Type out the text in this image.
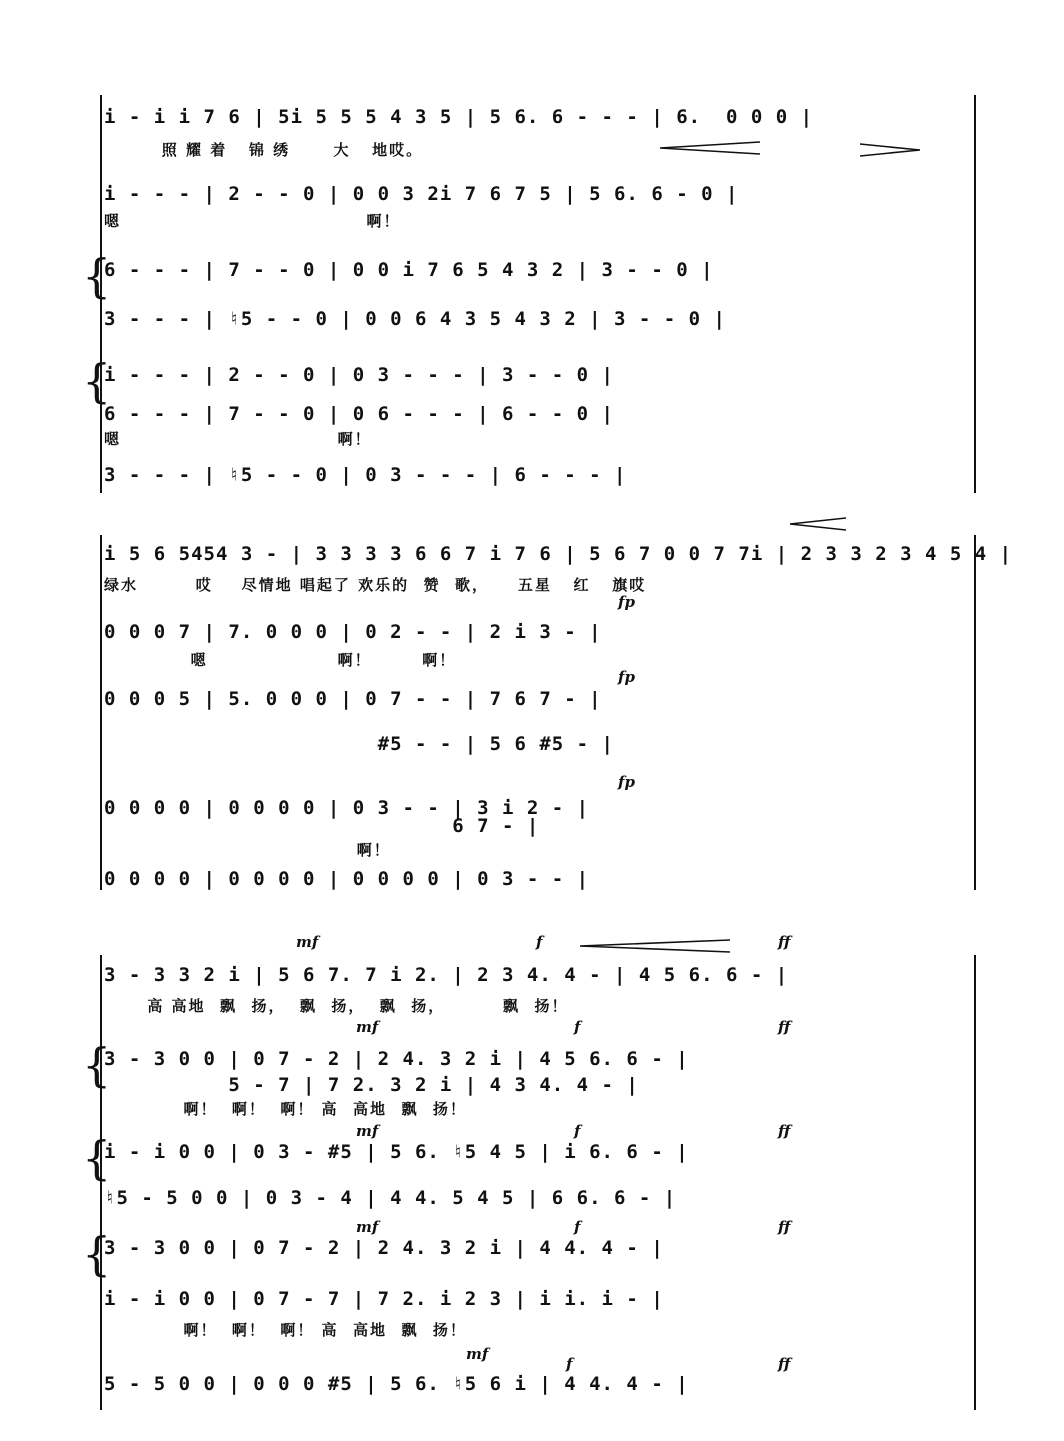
i - i i 7 6 | 5i 5 5 5 4 3 5 | 5 6. 6 - - - | 6.  0 0 0 |
照 耀 着   锦 绣      大   地哎。
i - - - | 2 - - 0 | 0 0 3 2i 7 6 7 5 | 5 6. 6 - 0 |
嗯                                  啊！
6 - - - | 7 - - 0 | 0 0 i 7 6 5 4 3 2 | 3 - - 0 |
3 - - - | ♮5 - - 0 | 0 0 6 4 3 5 4 3 2 | 3 - - 0 |
i - - - | 2 - - 0 | 0 3 - - - | 3 - - 0 |
6 - - - | 7 - - 0 | 0 6 - - - | 6 - - 0 |
嗯                              啊！
3 - - - | ♮5 - - 0 | 0 3 - - - | 6 - - - |
{
{
i 5 6 5454 3 - | 3 3 3 3 6 6 7 i 7 6 | 5 6 7 0 0 7 7i | 2 3 3 2 3 4 5 4 |
绿水        哎    尽情地 唱起了 欢乐的  赞  歌，    五星   红   旗哎
0 0 0 7 | 7. 0 0 0 | 0 2 - - | 2 i 3 - |
嗯                  啊！       啊！
0 0 0 5 | 5. 0 0 0 | 0 7 - - | 7 6 7 - |
#5 - - | 5 6 #5 - |
0 0 0 0 | 0 0 0 0 | 0 3 - - | 3 i 2 - |
6 7 - |
啊！
0 0 0 0 | 0 0 0 0 | 0 0 0 0 | 0 3 - - |
fp
fp
fp
3 - 3 3 2 i | 5 6 7. 7 i 2. | 2 3 4. 4 - | 4 5 6. 6 - |
高 高地  飘  扬，  飘  扬，  飘  扬，        飘  扬！
3 - 3 0 0 | 0 7 - 2 | 2 4. 3 2 i | 4 5 6. 6 - |
5 - 7 | 7 2. 3 2 i | 4 3 4. 4 - |
啊！  啊！  啊！ 高  高地  飘  扬！
i - i 0 0 | 0 3 - #5 | 5 6. ♮5 4 5 | i 6. 6 - |
♮5 - 5 0 0 | 0 3 - 4 | 4 4. 5 4 5 | 6 6. 6 - |
3 - 3 0 0 | 0 7 - 2 | 2 4. 3 2 i | 4 4. 4 - |
i - i 0 0 | 0 7 - 7 | 7 2. i 2 3 | i i. i - |
啊！  啊！  啊！ 高  高地  飘  扬！
5 - 5 0 0 | 0 0 0 #5 | 5 6. ♮5 6 i | 4 4. 4 - |
{
{
{
mf	f	ff
mf	f	ff
mf	f	ff
mf	f	ff
mf
f	ff
